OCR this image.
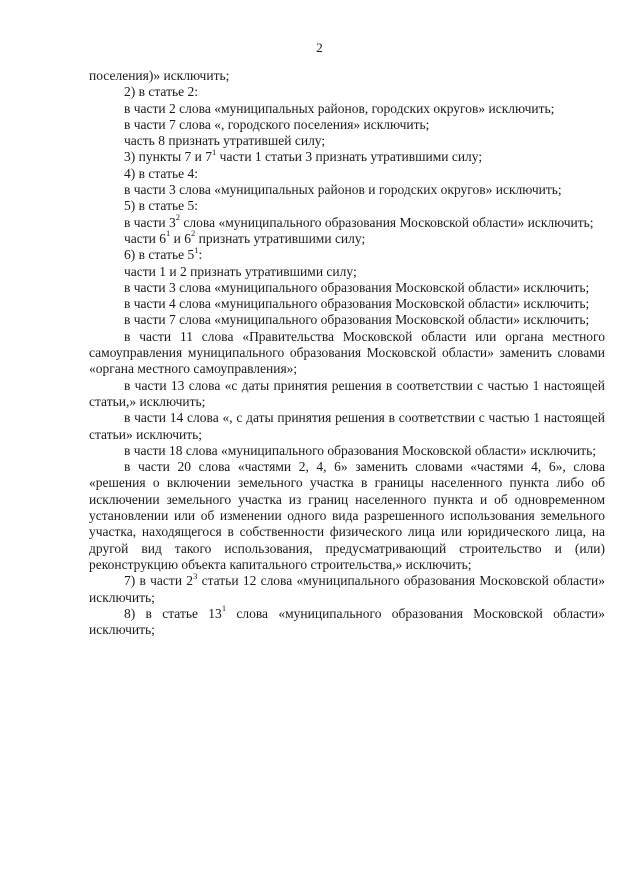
2

поселения)» исключить;

2) в статье 2:

в части 2 слова «муниципальных районов, городских округов» исключить;

в части 7 слова «, городского поселения» исключить;

часть 8 признать утратившей силу;

3) пункты 7 и $7^1$ части 1 статьи 3 признать утратившими силу;

4) в статье 4:

в части 3 слова «муниципальных районов и городских округов» исключить;

5) в статье 5:

в части $3^2$ слова «муниципального образования Московской области» исключить;

части $6^1$ и $6^2$ признать утратившими силу;

6) в статье $5^1$:

части 1 и 2 признать утратившими силу;

в части 3 слова «муниципального образования Московской области» исключить;

в части 4 слова «муниципального образования Московской области» исключить;

в части 7 слова «муниципального образования Московской области» исключить;

в части 11 слова «Правительства Московской области или органа местного самоуправления муниципального образования Московской области» заменить словами «органа местного самоуправления»;

в части 13 слова «с даты принятия решения в соответствии с частью 1 настоящей статьи,» исключить;

в части 14 слова «, с даты принятия решения в соответствии с частью 1 настоящей статьи» исключить;

в части 18 слова «муниципального образования Московской области» исключить;

в части 20 слова «частями 2, 4, 6» заменить словами «частями 4, 6», слова «решения о включении земельного участка в границы населенного пункта либо об исключении земельного участка из границ населенного пункта и об одновременном установлении или об изменении одного вида разрешенного использования земельного участка, находящегося в собственности физического лица или юридического лица, на другой вид такого использования, предусматривающий строительство и (или) реконструкцию объекта капитального строительства,» исключить;

7) в части $2^3$ статьи 12 слова «муниципального образования Московской области» исключить;

8) в статье $13^1$ слова «муниципального образования Московской области» исключить;
